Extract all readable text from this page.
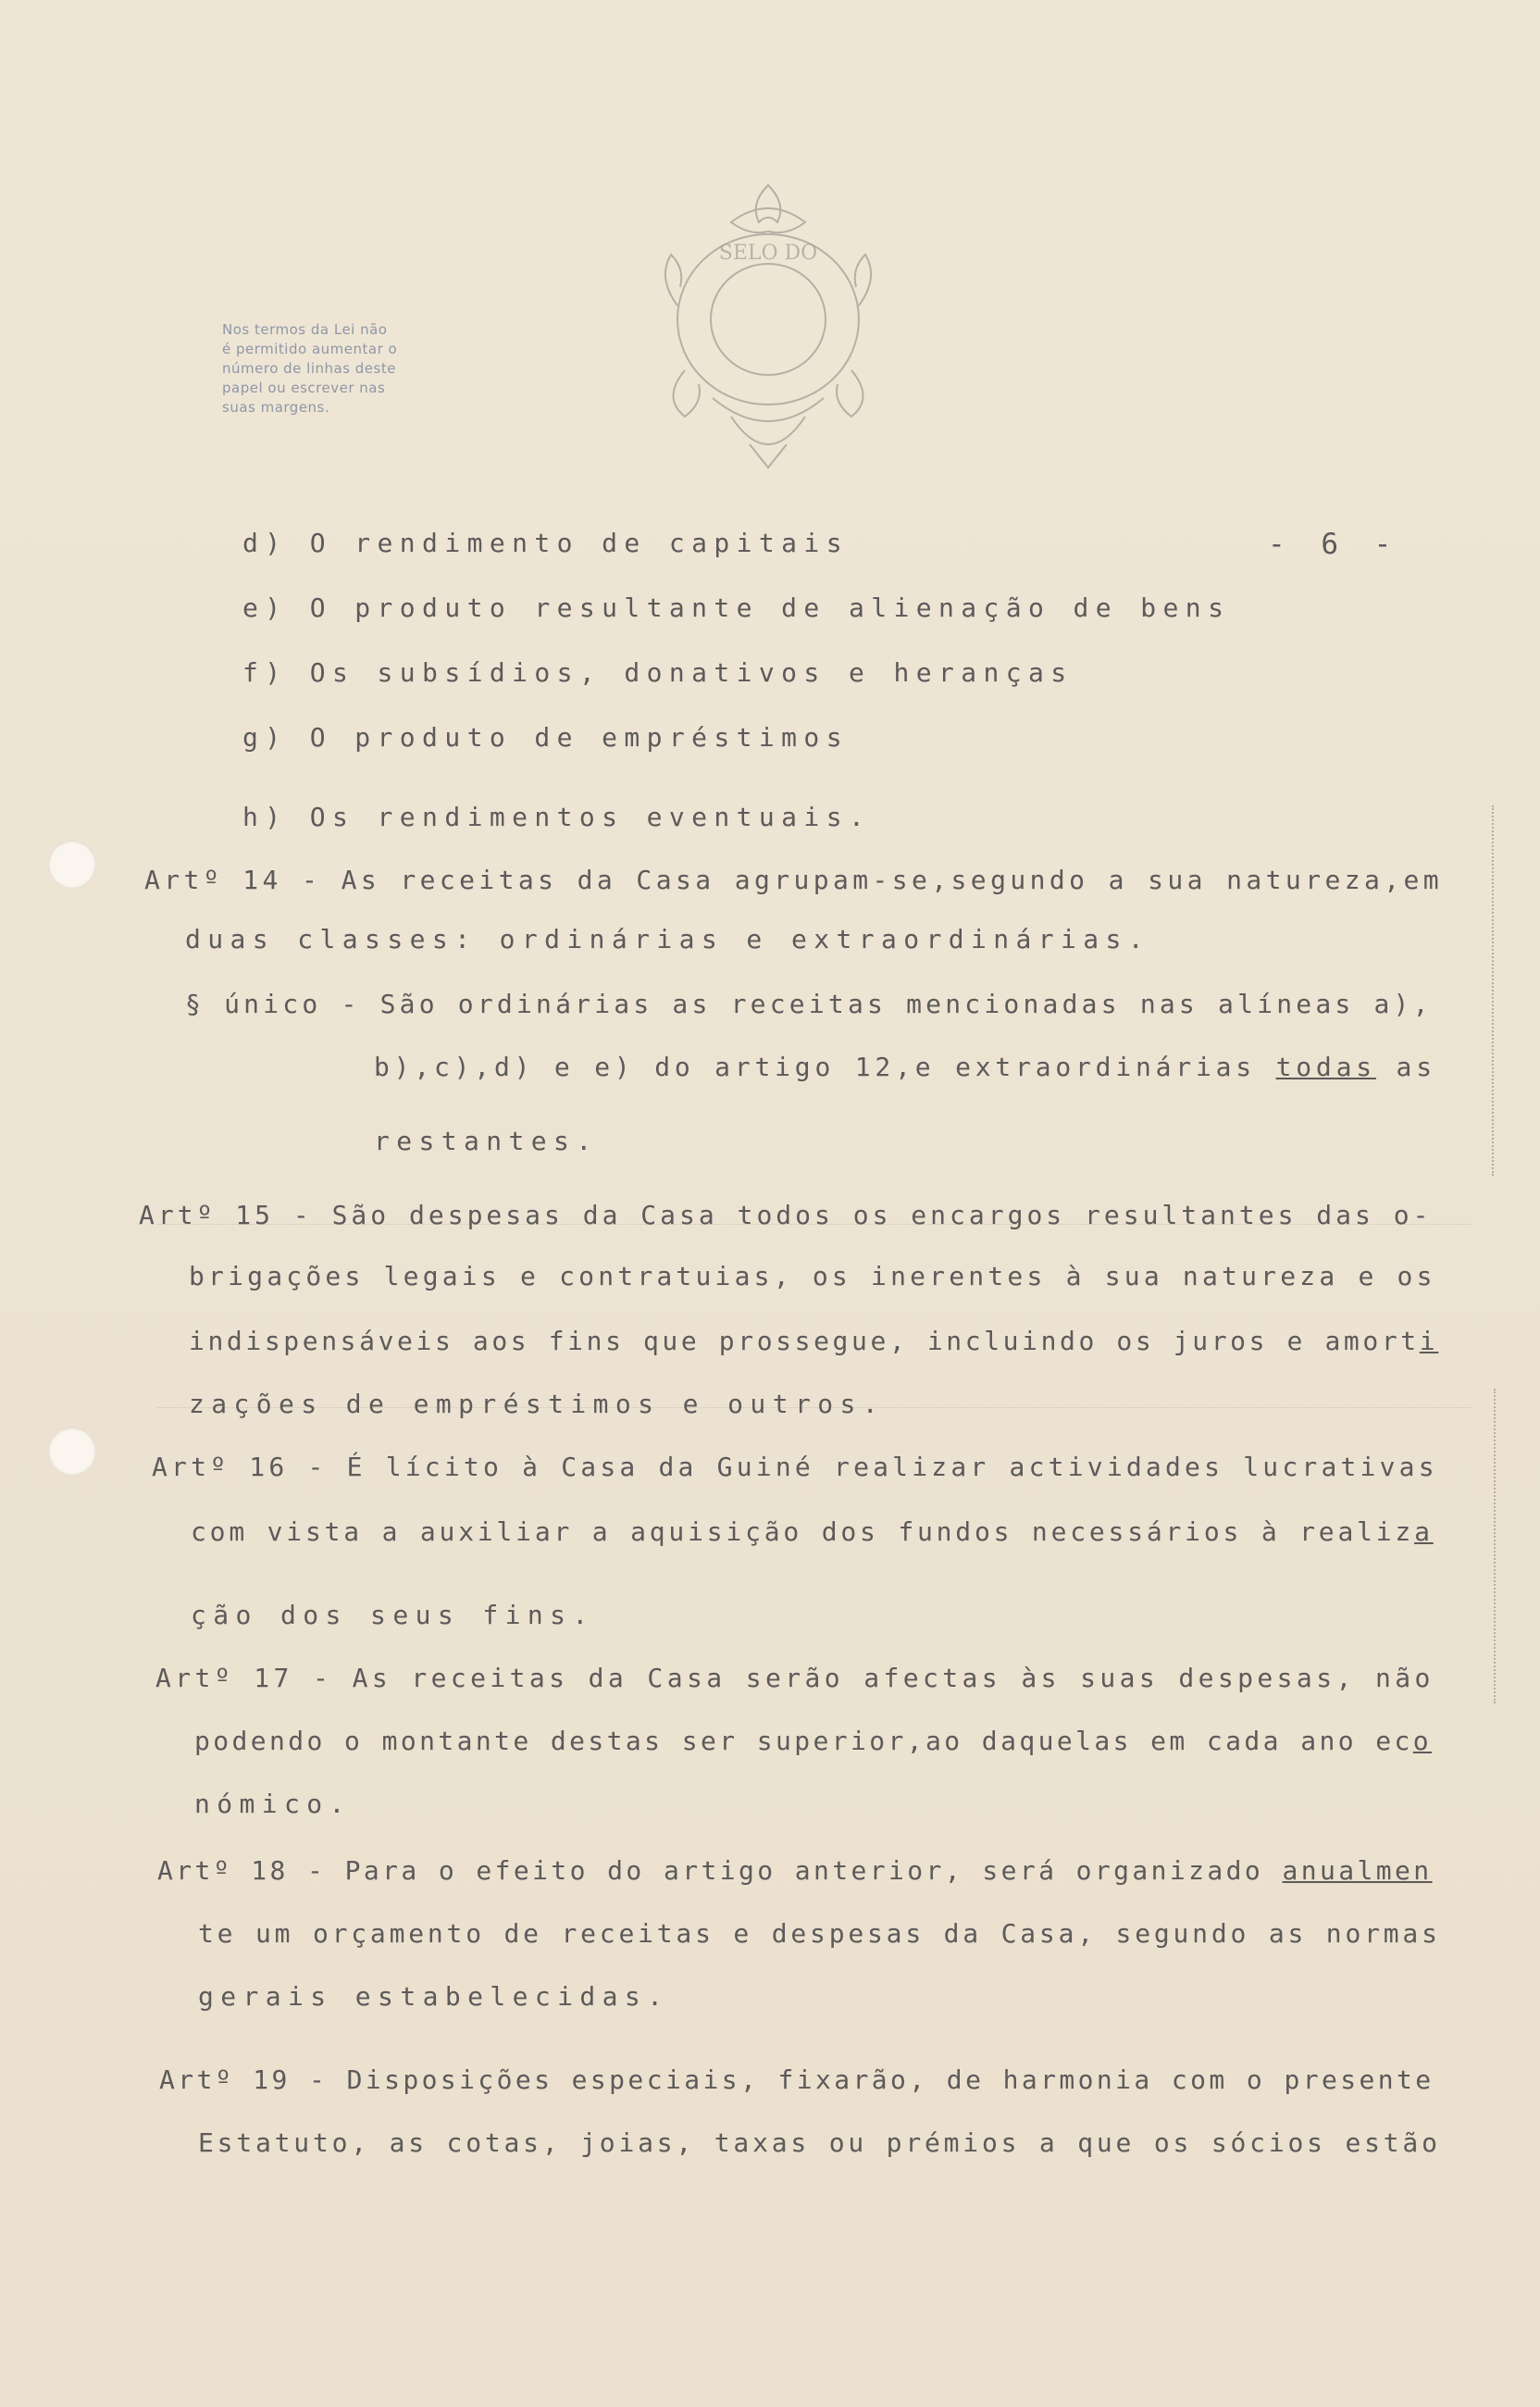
Nos termos da Lei não
é permitido aumentar o
número de linhas deste
papel ou escrever nas
suas margens.
SELO DO
- 6 -
d) O rendimento de capitais
e) O produto resultante de alienação de bens
f) Os subsídios, donativos e heranças
g) O produto de empréstimos
h) Os rendimentos eventuais.
Artº 14 - As receitas da Casa agrupam-se,segundo a sua natureza,em
duas classes: ordinárias e extraordinárias.
§ único - São ordinárias as receitas mencionadas nas alíneas a),
b),c),d) e e) do artigo 12,e extraordinárias todas as
restantes.
Artº 15 - São despesas da Casa todos os encargos resultantes das o-
brigações legais e contratuias, os inerentes à sua natureza e os
indispensáveis aos fins que prossegue, incluindo os juros e amorti
zações de empréstimos e outros.
Artº 16 - É lícito à Casa da Guiné realizar actividades lucrativas
com vista a auxiliar a aquisição dos fundos necessários à realiza
ção dos seus fins.
Artº 17 - As receitas da Casa serão afectas às suas despesas, não
podendo o montante destas ser superior,ao daquelas em cada ano eco
nómico.
Artº 18 - Para o efeito do artigo anterior, será organizado anualmen
te um orçamento de receitas e despesas da Casa, segundo as normas
gerais estabelecidas.
Artº 19 - Disposições especiais, fixarão, de harmonia com o presente
Estatuto, as cotas, joias, taxas ou prémios a que os sócios estão
